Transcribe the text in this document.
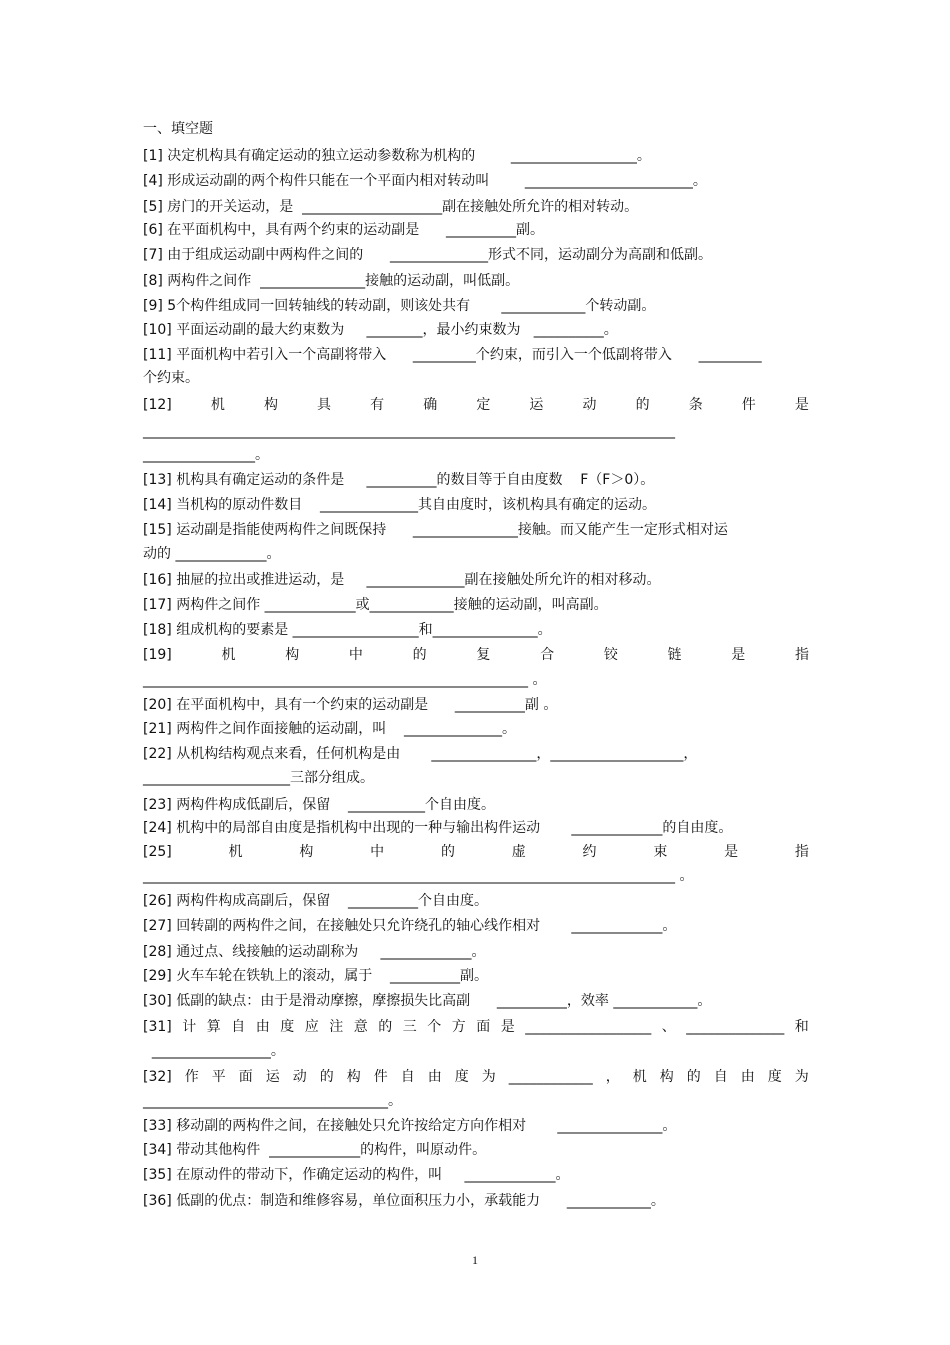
一、填空题
[1] 决定机构具有确定运动的独立运动参数称为机构的        __________________。
[4] 形成运动副的两个构件只能在一个平面内相对转动叫        ________________________。
[5] 房门的开关运动，是  ____________________副在接触处所允许的相对转动。
[6] 在平面机构中，具有两个约束的运动副是      __________副。
[7] 由于组成运动副中两构件之间的      ______________形式不同，运动副分为高副和低副。
[8] 两构件之间作  _______________接触的运动副，叫低副。
[9] 5个构件组成同一回转轴线的转动副，则该处共有       ____________个转动副。
[10] 平面运动副的最大约束数为     ________，最小约束数为   __________。
[11] 平面机构中若引入一个高副将带入      _________个约束，而引入一个低副将带入      _________
个约束。
[12]	机	构	具	有	确	定	运	动	的	条	件	是
____________________________________________________________________________
________________。
[13] 机构具有确定运动的条件是     __________的数目等于自由度数    F（F＞0）。
[14] 当机构的原动件数目    ______________其自由度时，该机构具有确定的运动。
[15] 运动副是指能使两构件之间既保持      _______________接触。而又能产生一定形式相对运
动的 _____________。
[16] 抽屉的拉出或推进运动，是     ______________副在接触处所允许的相对移动。
[17] 两构件之间作 _____________或____________接触的运动副，叫高副。
[18] 组成机构的要素是 __________________和_______________。
[19]	机	构	中	的	复	合	铰	链	是	指
_______________________________________________________ 。
[20] 在平面机构中，具有一个约束的运动副是      __________副 。
[21] 两构件之间作面接触的运动副，叫    ______________。
[22] 从机构结构观点来看，任何机构是由       _______________，___________________，
_____________________三部分组成。
[23] 两构件构成低副后，保留    ___________个自由度。
[24] 机构中的局部自由度是指机构中出现的一种与输出构件运动       _____________的自由度。
[25]	机	构	中	的	虚	约	束	是	指
____________________________________________________________________________ 。
[26] 两构件构成高副后，保留    __________个自由度。
[27] 回转副的两构件之间，在接触处只允许绕孔的轴心线作相对       _____________。
[28] 通过点、线接触的运动副称为     _____________。
[29] 火车车轮在铁轨上的滚动，属于    __________副。
[30] 低副的缺点：由于是滑动摩擦，摩擦损失比高副      __________，效率 ____________。
[31] 计 算 自 由 度 应 注 意 的 三 个 方 面 是 __________________ 、 ______________ 和
_________________。
[32] 作 平 面 运 动 的 构 件 自 由 度 为 ____________ ， 机 构 的 自 由 度 为
___________________________________。
[33] 移动副的两构件之间，在接触处只允许按给定方向作相对       _______________。
[34] 带动其他构件  _____________的构件，叫原动件。
[35] 在原动件的带动下，作确定运动的构件，叫     _____________。
[36] 低副的优点：制造和维修容易，单位面积压力小，承载能力      ____________。
1
